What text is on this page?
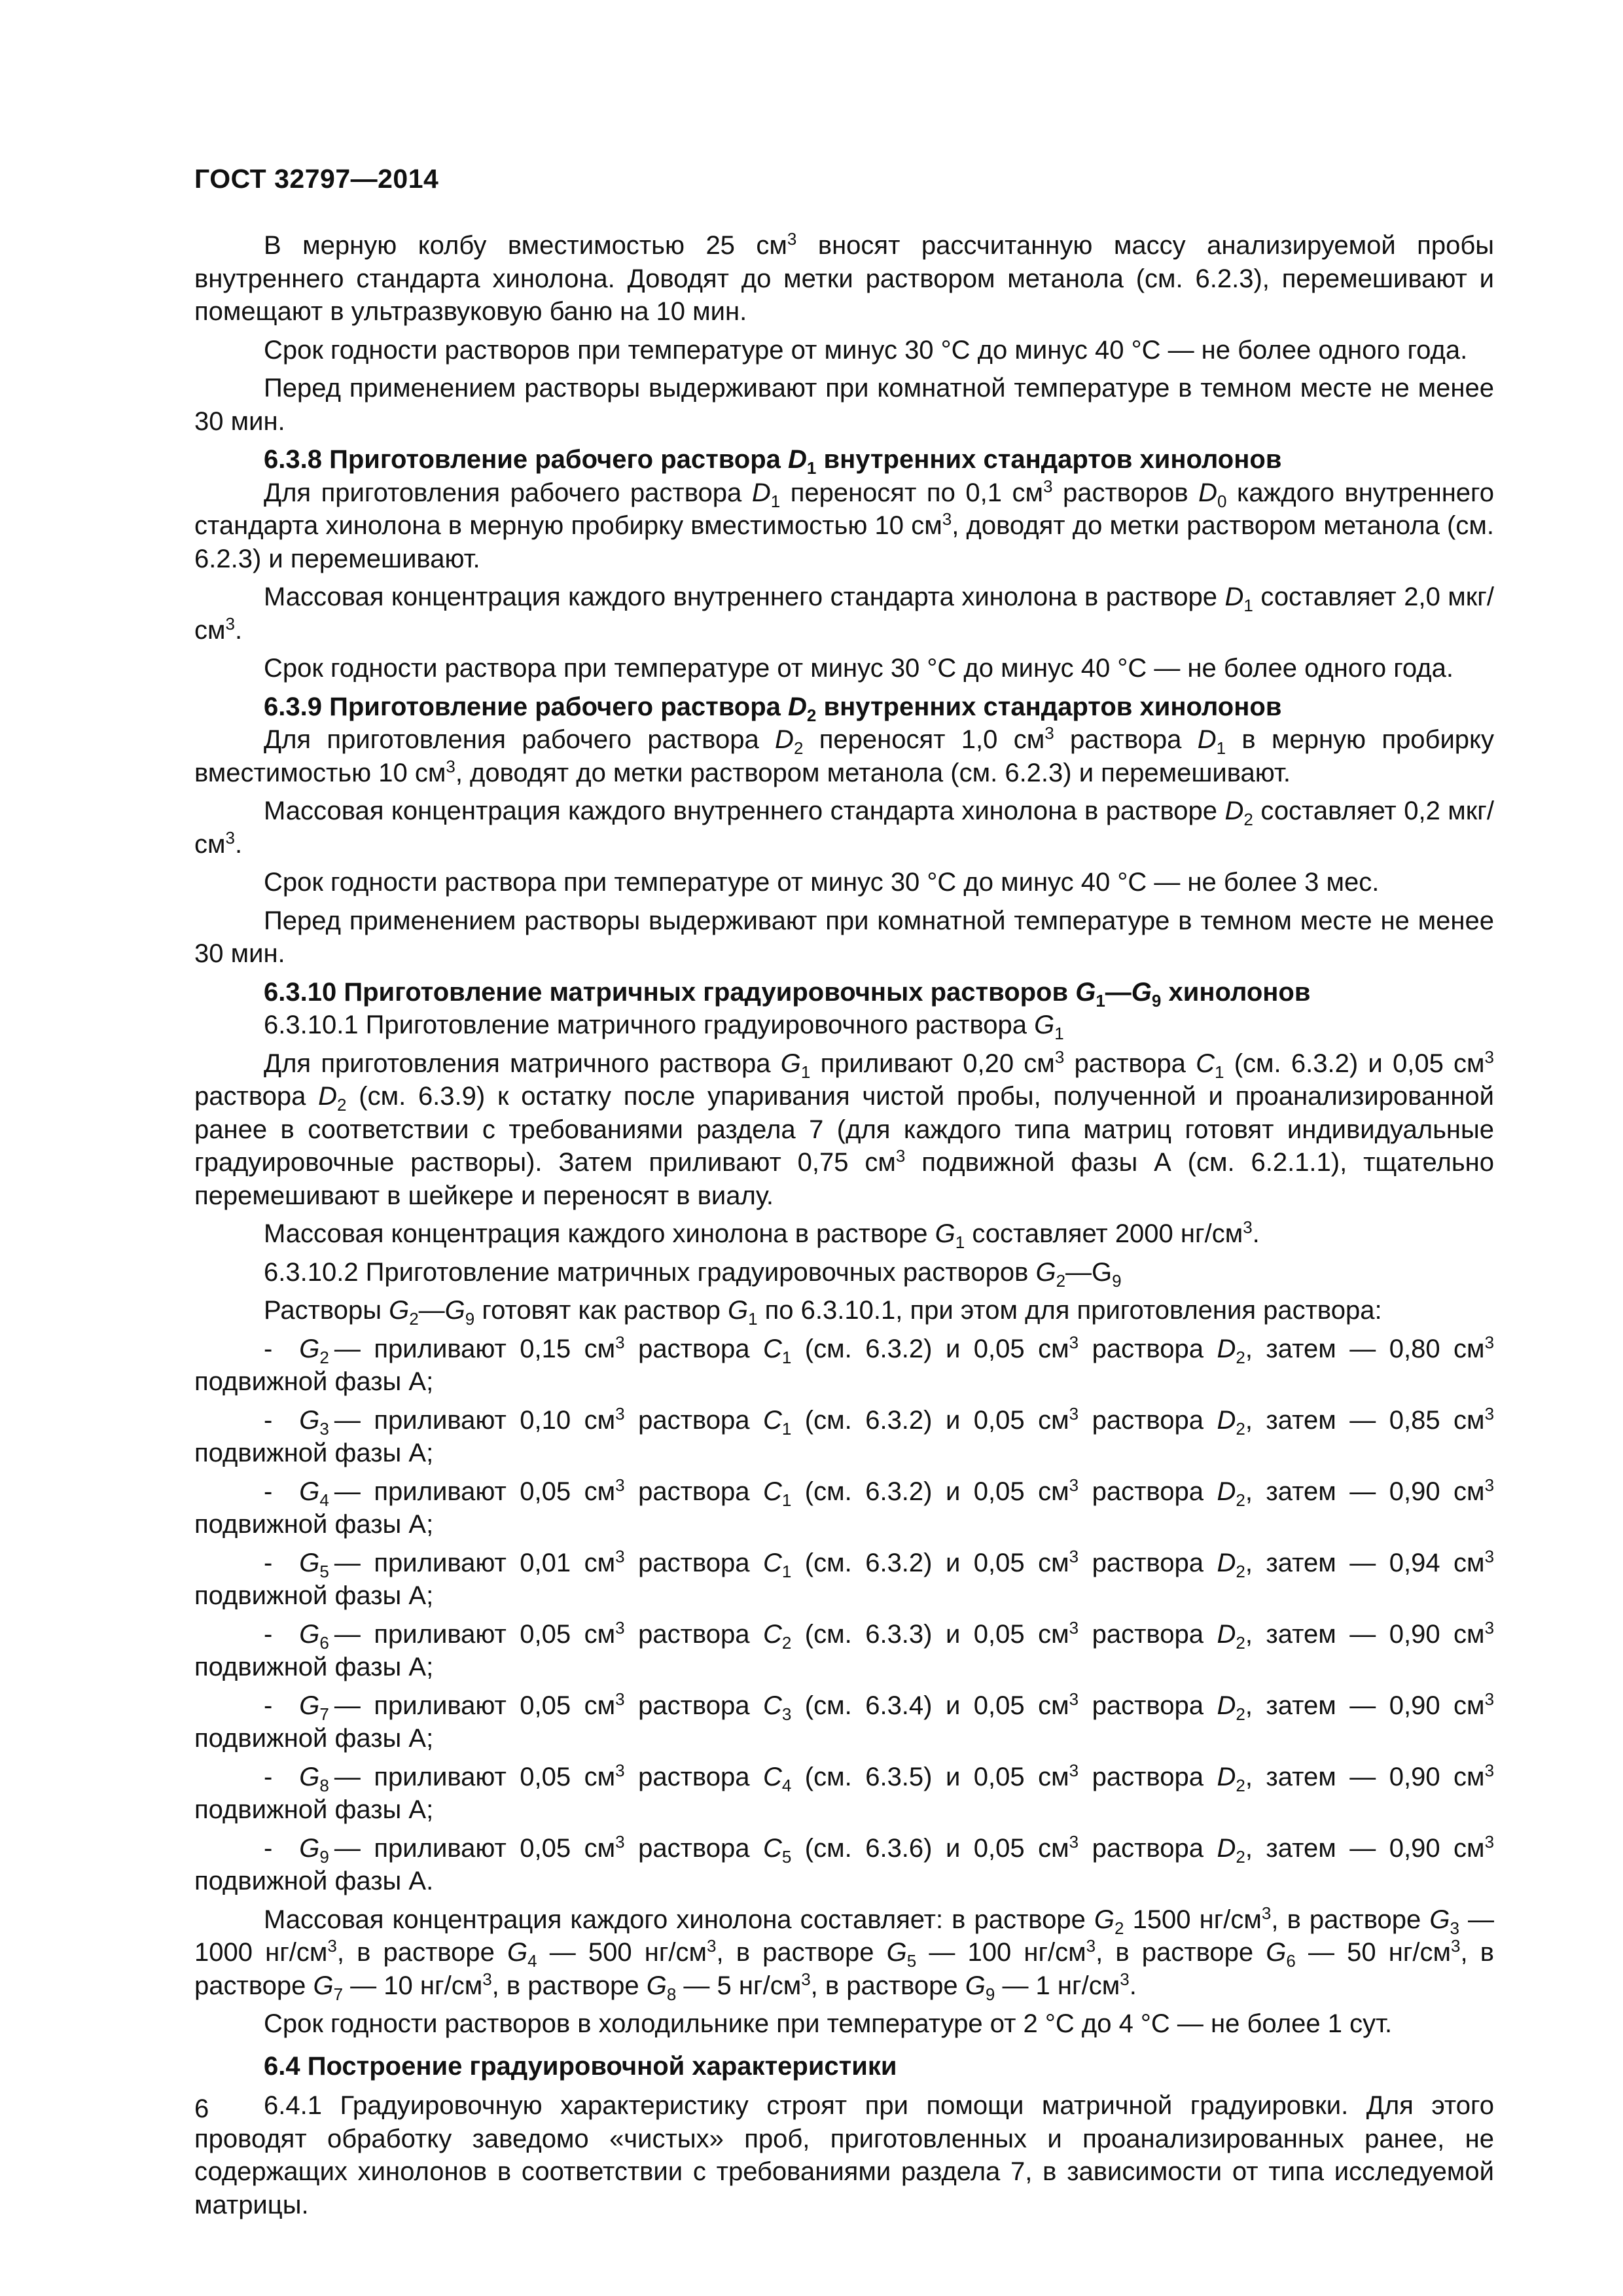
ГОСТ 32797—2014

В мерную колбу вместимостью 25 $см^3$ вносят рассчитанную массу анализируемой пробы внутреннего стандарта хинолона. Доводят до метки раствором метанола (см. 6.2.3), перемешивают и помещают в ультразвуковую баню на 10 мин.

Срок годности растворов при температуре от минус 30 °С до минус 40 °С — не более одного года.

Перед применением растворы выдерживают при комнатной температуре в темном месте не менее 30 мин.

6.3.8 Приготовление рабочего раствора $D_1$ внутренних стандартов хинолонов

Для приготовления рабочего раствора $D_1$ переносят по 0,1 $см^3$ растворов $D_0$ каждого внутреннего стандарта хинолона в мерную пробирку вместимостью 10 $см^3$, доводят до метки раствором метанола (см. 6.2.3) и перемешивают.

Массовая концентрация каждого внутреннего стандарта хинолона в растворе $D_1$ составляет 2,0 мкг/$см^3$.

Срок годности раствора при температуре от минус 30 °С до минус 40 °С — не более одного года.

6.3.9 Приготовление рабочего раствора $D_2$ внутренних стандартов хинолонов

Для приготовления рабочего раствора $D_2$ переносят 1,0 $см^3$ раствора $D_1$ в мерную пробирку вместимостью 10 $см^3$, доводят до метки раствором метанола (см. 6.2.3) и перемешивают.

Массовая концентрация каждого внутреннего стандарта хинолона в растворе $D_2$ составляет 0,2 мкг/$см^3$.

Срок годности раствора при температуре от минус 30 °С до минус 40 °С — не более 3 мес.

Перед применением растворы выдерживают при комнатной температуре в темном месте не менее 30 мин.

6.3.10 Приготовление матричных градуировочных растворов $G_1—G_9$ хинолонов

6.3.10.1 Приготовление матричного градуировочного раствора $G_1$

Для приготовления матричного раствора $G_1$ приливают 0,20 $см^3$ раствора $C_1$ (см. 6.3.2) и 0,05 $см^3$ раствора $D_2$ (см. 6.3.9) к остатку после упаривания чистой пробы, полученной и проанализированной ранее в соответствии с требованиями раздела 7 (для каждого типа матриц готовят индивидуальные градуировочные растворы). Затем приливают 0,75 $см^3$ подвижной фазы А (см. 6.2.1.1), тщательно перемешивают в шейкере и переносят в виалу.

Массовая концентрация каждого хинолона в растворе $G_1$ составляет 2000 $нг/см^3$.

6.3.10.2 Приготовление матричных градуировочных растворов $G_2—G_9$

Растворы $G_2—G_9$ готовят как раствор $G_1$ по 6.3.10.1, при этом для приготовления раствора:

-  $G_2$ — приливают 0,15 $см^3$ раствора $C_1$ (см. 6.3.2) и 0,05 $см^3$ раствора $D_2$, затем — 0,80 $см^3$ подвижной фазы А;

-  $G_3$ — приливают 0,10 $см^3$ раствора $C_1$ (см. 6.3.2) и 0,05 $см^3$ раствора $D_2$, затем — 0,85 $см^3$ подвижной фазы А;

-  $G_4$ — приливают 0,05 $см^3$ раствора $C_1$ (см. 6.3.2) и 0,05 $см^3$ раствора $D_2$, затем — 0,90 $см^3$ подвижной фазы А;

-  $G_5$ — приливают 0,01 $см^3$ раствора $C_1$ (см. 6.3.2) и 0,05 $см^3$ раствора $D_2$, затем — 0,94 $см^3$ подвижной фазы А;

-  $G_6$ — приливают 0,05 $см^3$ раствора $C_2$ (см. 6.3.3) и 0,05 $см^3$ раствора $D_2$, затем — 0,90 $см^3$ подвижной фазы А;

-  $G_7$ — приливают 0,05 $см^3$ раствора $C_3$ (см. 6.3.4) и 0,05 $см^3$ раствора $D_2$, затем — 0,90 $см^3$ подвижной фазы А;

-  $G_8$ — приливают 0,05 $см^3$ раствора $C_4$ (см. 6.3.5) и 0,05 $см^3$ раствора $D_2$, затем — 0,90 $см^3$ подвижной фазы А;

-  $G_9$ — приливают 0,05 $см^3$ раствора $C_5$ (см. 6.3.6) и 0,05 $см^3$ раствора $D_2$, затем — 0,90 $см^3$ подвижной фазы А.

Массовая концентрация каждого хинолона составляет: в растворе $G_2$ 1500 $нг/см^3$, в растворе $G_3$ — 1000 $нг/см^3$, в растворе $G_4$ — 500 $нг/см^3$, в растворе $G_5$ — 100 $нг/см^3$, в растворе $G_6$ — 50 $нг/см^3$, в растворе $G_7$ — 10 $нг/см^3$, в растворе $G_8$ — 5 $нг/см^3$, в растворе $G_9$ — 1 $нг/см^3$.

Срок годности растворов в холодильнике при температуре от 2 °С до 4 °С — не более 1 сут.

6.4 Построение градуировочной характеристики

6.4.1 Градуировочную характеристику строят при помощи матричной градуировки. Для этого проводят обработку заведомо «чистых» проб, приготовленных и проанализированных ранее, не содержащих хинолонов в соответствии с требованиями раздела 7, в зависимости от типа исследуемой матрицы.

6
